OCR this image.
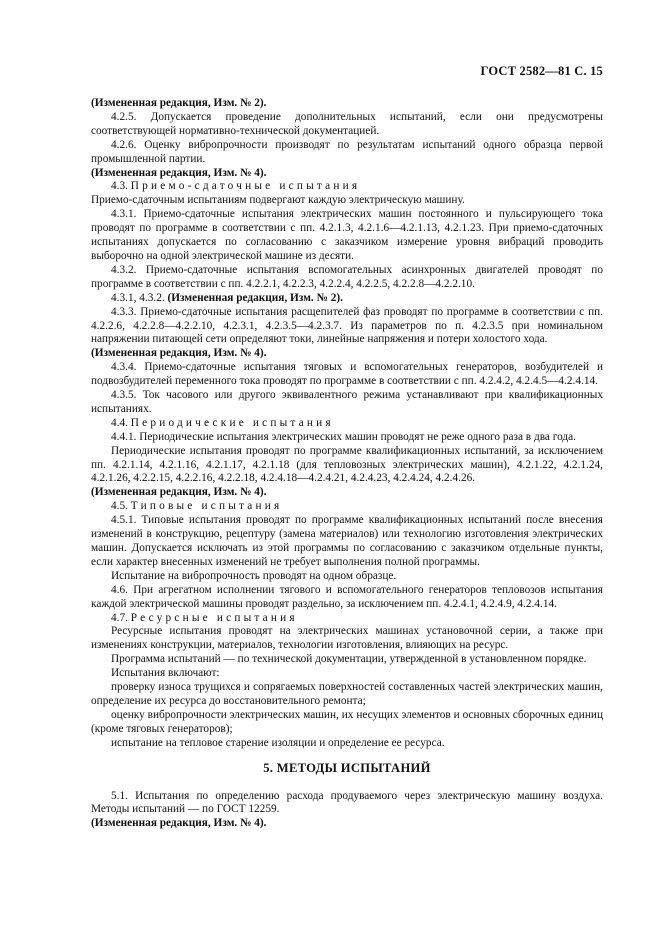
ГОСТ 2582—81 С. 15

(Измененная редакция, Изм. № 2).

4.2.5. Допускается проведение дополнительных испытаний, если они предусмотрены соответствующей нормативно-технической документацией.

4.2.6. Оценку вибропрочности производят по результатам испытаний одного образца первой промышленной партии.

(Измененная редакция, Изм. № 4).

4.3. Приемо-сдаточные испытания

Приемо-сдаточным испытаниям подвергают каждую электрическую машину.

4.3.1. Приемо-сдаточные испытания электрических машин постоянного и пульсирующего тока проводят по программе в соответствии с пп. 4.2.1.3, 4.2.1.6—4.2.1.13, 4.2.1.23. При приемо-сдаточных испытаниях допускается по согласованию с заказчиком измерение уровня вибраций проводить выборочно на одной электрической машине из десяти.

4.3.2. Приемо-сдаточные испытания вспомогательных асинхронных двигателей проводят по программе в соответствии с пп. 4.2.2.1, 4.2.2.3, 4.2.2.4, 4.2.2.5, 4.2.2.8—4.2.2.10.

4.3.1, 4.3.2. (Измененная редакция, Изм. № 2).

4.3.3. Приемо-сдаточные испытания расщепителей фаз проводят по программе в соответствии с пп. 4.2.2.6, 4.2.2.8—4.2.2.10, 4.2.3.1, 4.2.3.5—4.2.3.7. Из параметров по п. 4.2.3.5 при номинальном напряжении питающей сети определяют токи, линейные напряжения и потери холостого хода.

(Измененная редакция, Изм. № 4).

4.3.4. Приемо-сдаточные испытания тяговых и вспомогательных генераторов, возбудителей и подвозбудителей переменного тока проводят по программе в соответствии с пп. 4.2.4.2, 4.2.4.5—4.2.4.14.

4.3.5. Ток часового или другого эквивалентного режима устанавливают при квалификационных испытаниях.

4.4. Периодические испытания

4.4.1. Периодические испытания электрических машин проводят не реже одного раза в два года.

Периодические испытания проводят по программе квалификационных испытаний, за исключением пп. 4.2.1.14, 4.2.1.16, 4.2.1.17, 4.2.1.18 (для тепловозных электрических машин), 4.2.1.22, 4.2.1.24, 4.2.1.26, 4.2.2.15, 4.2.2.16, 4.2.2.18, 4.2.4.18—4.2.4.21, 4.2.4.23, 4.2.4.24, 4.2.4.26.

(Измененная редакция, Изм. № 4).

4.5. Типовые испытания

4.5.1. Типовые испытания проводят по программе квалификационных испытаний после внесения изменений в конструкцию, рецептуру (замена материалов) или технологию изготовления электрических машин. Допускается исключать из этой программы по согласованию с заказчиком отдельные пункты, если характер внесенных изменений не требует выполнения полной программы.

Испытание на вибропрочность проводят на одном образце.

4.6. При агрегатном исполнении тягового и вспомогательного генераторов тепловозов испытания каждой электрической машины проводят раздельно, за исключением пп. 4.2.4.1, 4.2.4.9, 4.2.4.14.

4.7. Ресурсные испытания

Ресурсные испытания проводят на электрических машинах установочной серии, а также при изменениях конструкции, материалов, технологии изготовления, влияющих на ресурс.

Программа испытаний — по технической документации, утвержденной в установленном порядке.

Испытания включают:

проверку износа трущихся и сопрягаемых поверхностей составленных частей электрических машин, определение их ресурса до восстановительного ремонта;

оценку вибропрочности электрических машин, их несущих элементов и основных сборочных единиц (кроме тяговых генераторов);

испытание на тепловое старение изоляции и определение ее ресурса.

5. МЕТОДЫ ИСПЫТАНИЙ

5.1. Испытания по определению расхода продуваемого через электрическую машину воздуха. Методы испытаний — по ГОСТ 12259.

(Измененная редакция, Изм. № 4).
